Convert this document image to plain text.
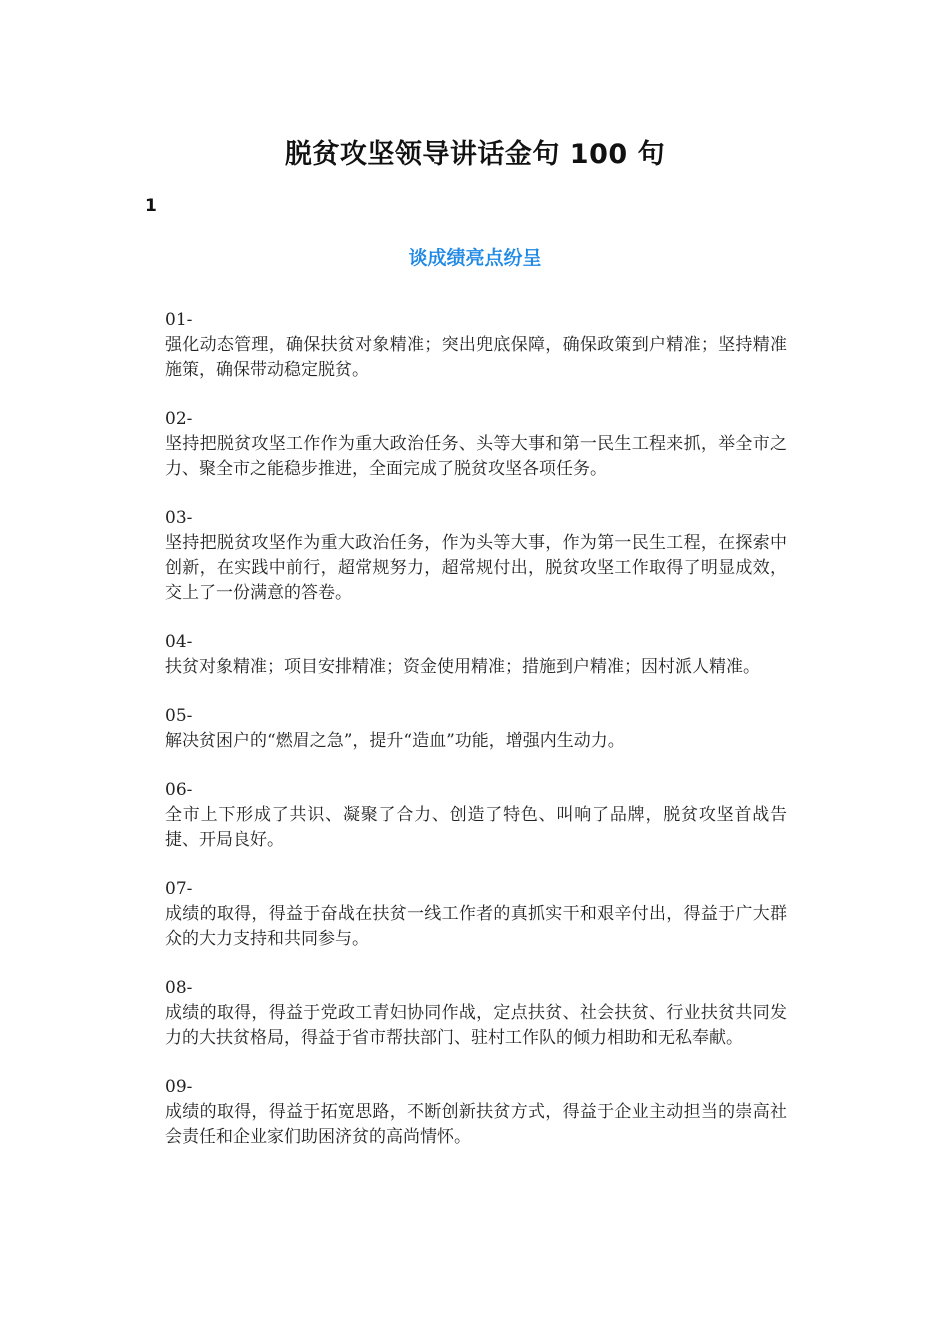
脱贫攻坚领导讲话金句 100 句
1
谈成绩亮点纷呈
01-
强化动态管理，确保扶贫对象精准；突出兜底保障，确保政策到户精准；坚持精准施策，确保带动稳定脱贫。
02-
坚持把脱贫攻坚工作作为重大政治任务、头等大事和第一民生工程来抓，举全市之力、聚全市之能稳步推进，全面完成了脱贫攻坚各项任务。
03-
坚持把脱贫攻坚作为重大政治任务，作为头等大事，作为第一民生工程，在探索中创新，在实践中前行，超常规努力，超常规付出，脱贫攻坚工作取得了明显成效，交上了一份满意的答卷。
04-
扶贫对象精准；项目安排精准；资金使用精准；措施到户精准；因村派人精准。
05-
解决贫困户的“燃眉之急”，提升“造血”功能，增强内生动力。
06-
全市上下形成了共识、凝聚了合力、创造了特色、叫响了品牌，脱贫攻坚首战告捷、开局良好。
07-
成绩的取得，得益于奋战在扶贫一线工作者的真抓实干和艰辛付出，得益于广大群众的大力支持和共同参与。
08-
成绩的取得，得益于党政工青妇协同作战，定点扶贫、社会扶贫、行业扶贫共同发力的大扶贫格局，得益于省市帮扶部门、驻村工作队的倾力相助和无私奉献。
09-
成绩的取得，得益于拓宽思路，不断创新扶贫方式，得益于企业主动担当的崇高社会责任和企业家们助困济贫的高尚情怀。
